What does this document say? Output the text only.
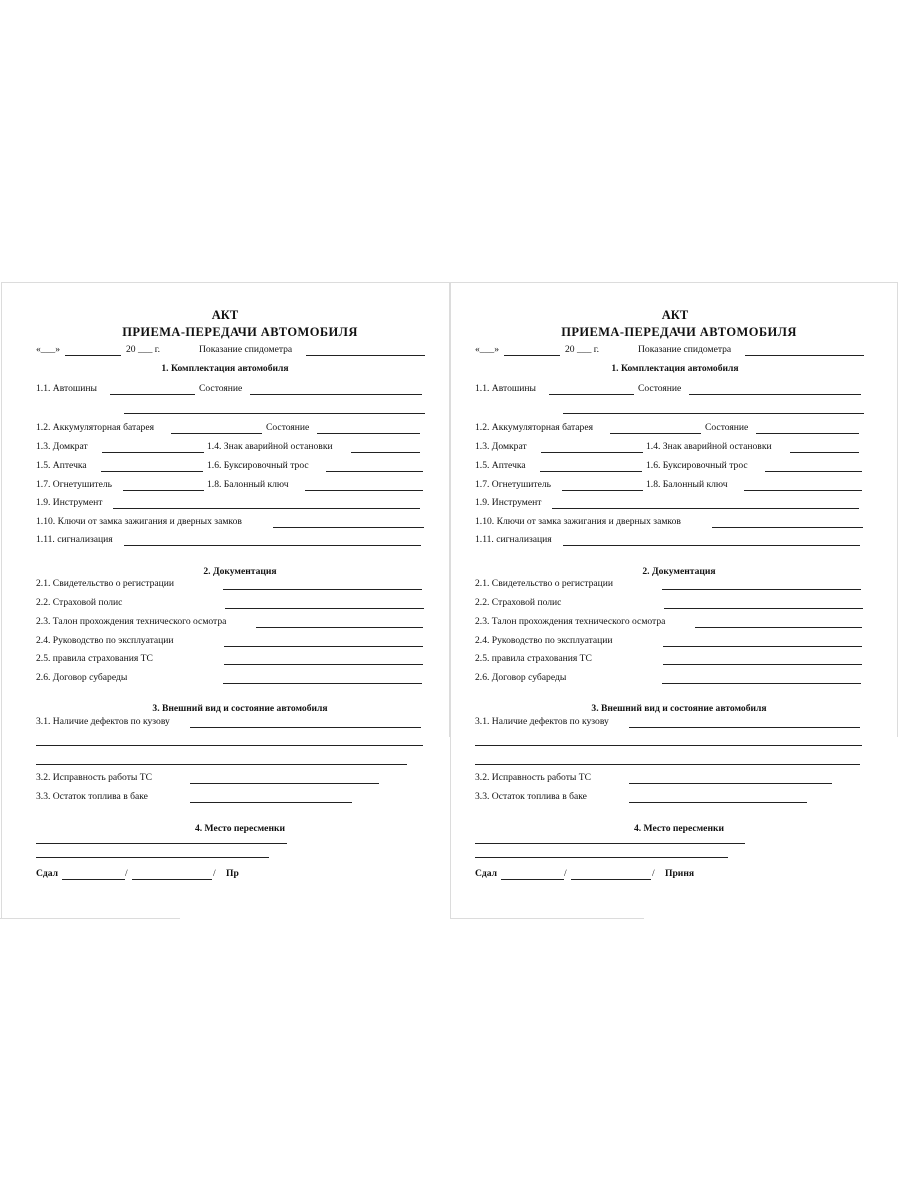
АКТ
ПРИЕМА-ПЕРЕДАЧИ АВТОМОБИЛЯ
«___»	20 ___ г.	Показание спидометра
1. Комплектация автомобиля
1.1. Автошины	Состояние
1.2. Аккумуляторная батарея	Состояние
1.3. Домкрат	1.4. Знак аварийной остановки
1.5. Аптечка	1.6. Буксировочный трос
1.7. Огнетушитель	1.8. Балонный ключ
1.9. Инструмент
1.10. Ключи от замка зажигания и дверных замков
1.11. сигнализация
2. Документация
2.1. Свидетельство о регистрации
2.2. Страховой полис
2.3. Талон прохождения технического осмотра
2.4. Руководство по эксплуатации
2.5. правила страхования ТС
2.6. Договор субареды
3. Внешний вид и состояние автомобиля
3.1. Наличие дефектов по кузову
3.2. Исправность работы ТС
3.3. Остаток топлива в баке
4. Место пересменки
Сдал	/	/ Пр
АКТ
ПРИЕМА-ПЕРЕДАЧИ АВТОМОБИЛЯ
«___»	20 ___ г.	Показание спидометра
1. Комплектация автомобиля
1.1. Автошины	Состояние
1.2. Аккумуляторная батарея	Состояние
1.3. Домкрат	1.4. Знак аварийной остановки
1.5. Аптечка	1.6. Буксировочный трос
1.7. Огнетушитель	1.8. Балонный ключ
1.9. Инструмент
1.10. Ключи от замка зажигания и дверных замков
1.11. сигнализация
2. Документация
2.1. Свидетельство о регистрации
2.2. Страховой полис
2.3. Талон прохождения технического осмотра
2.4. Руководство по эксплуатации
2.5. правила страхования ТС
2.6. Договор субареды
3. Внешний вид и состояние автомобиля
3.1. Наличие дефектов по кузову
3.2. Исправность работы ТС
3.3. Остаток топлива в баке
4. Место пересменки
Сдал	/	/ Приня
